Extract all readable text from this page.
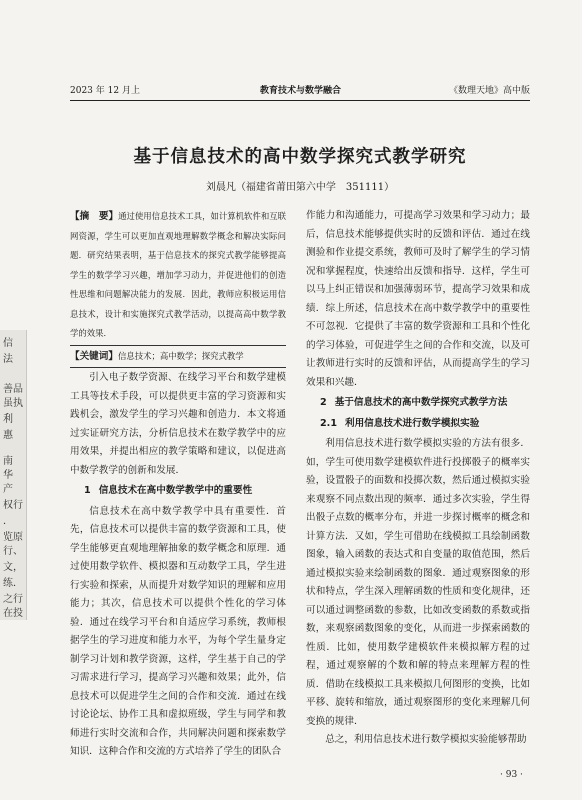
信
法
善品
虽执
利
惠
南
华
产
权行
．
览原
行、
文，
练．
之行
在投
2023 年 12 月上	教育技术与数学融合	《数理天地》高中版
基于信息技术的高中数学探究式教学研究
刘晨凡（福建省莆田第六中学　351111）

【摘　要】通过使用信息技术工具，如计算机软件和互联网资源，学生可以更加直观地理解数学概念和解决实际问题．研究结果表明，基于信息技术的探究式教学能够提高学生的数学学习兴趣，增加学习动力，并促进他们的创造性思维和问题解决能力的发展．因此，教师应积极运用信息技术，设计和实施探究式教学活动，以提高高中数学教学的效果．

【关键词】信息技术；高中数学；探究式教学

引入电子数学资源、在线学习平台和数学建模工具等技术手段，可以提供更丰富的学习资源和实践机会，激发学生的学习兴趣和创造力．本文将通过实证研究方法，分析信息技术在数学教学中的应用效果，并提出相应的教学策略和建议，以促进高中数学教学的创新和发展．

1 信息技术在高中数学教学中的重要性

信息技术在高中数学教学中具有重要性．首先，信息技术可以提供丰富的数学资源和工具，使学生能够更直观地理解抽象的数学概念和原理．通过使用数学软件、模拟器和互动数学工具，学生进行实验和探索，从而提升对数学知识的理解和应用能力；其次，信息技术可以提供个性化的学习体验．通过在线学习平台和自适应学习系统，教师根据学生的学习进度和能力水平，为每个学生量身定制学习计划和教学资源，这样，学生基于自己的学习需求进行学习，提高学习兴趣和效果；此外，信息技术可以促进学生之间的合作和交流．通过在线讨论论坛、协作工具和虚拟班级，学生与同学和教师进行实时交流和合作，共同解决问题和探索数学知识．这种合作和交流的方式培养了学生的团队合

作能力和沟通能力，可提高学习效果和学习动力；最后，信息技术能够提供实时的反馈和评估．通过在线测验和作业提交系统，教师可及时了解学生的学习情况和掌握程度，快速给出反馈和指导．这样，学生可以马上纠正错误和加强薄弱环节，提高学习效果和成绩．综上所述，信息技术在高中数学教学中的重要性不可忽视．它提供了丰富的数学资源和工具和个性化的学习体验，可促进学生之间的合作和交流，以及可让教师进行实时的反馈和评估，从而提高学生的学习效果和兴趣．

2 基于信息技术的高中数学探究式教学方法
2.1 利用信息技术进行数学模拟实验

利用信息技术进行数学模拟实验的方法有很多．如，学生可使用数学建模软件进行投掷骰子的概率实验，设置骰子的面数和投掷次数，然后通过模拟实验来观察不同点数出现的频率．通过多次实验，学生得出骰子点数的概率分布，并进一步探讨概率的概念和计算方法．又如，学生可借助在线模拟工具绘制函数图象，输入函数的表达式和自变量的取值范围，然后通过模拟实验来绘制函数的图象．通过观察图象的形状和特点，学生深入理解函数的性质和变化规律，还可以通过调整函数的参数，比如改变函数的系数或指数，来观察函数图象的变化，从而进一步探索函数的性质．比如，使用数学建模软件来模拟解方程的过程，通过观察解的个数和解的特点来理解方程的性质．借助在线模拟工具来模拟几何图形的变换，比如平移、旋转和缩放，通过观察图形的变化来理解几何变换的规律．

总之，利用信息技术进行数学模拟实验能够帮助

· 93 ·
